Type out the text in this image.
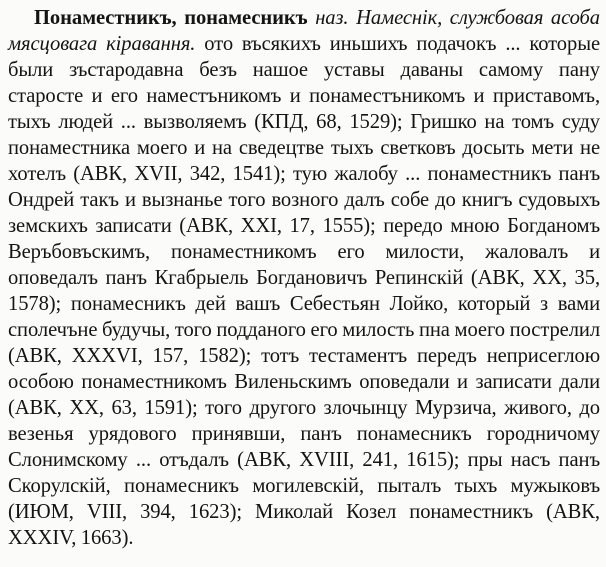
Понаместникъ, понамесникъ наз. Намеснік, службовая асоба мясцовага кіравання. ото въсякихъ иньшихъ подачокъ ... которые были зъстародавна безъ нашое уставы даваны самому пану старосте и его наместъникомъ и понаместъникомъ и приставомъ, тыхъ людей ... вызволяемъ (КПД, 68, 1529); Гришко на томъ суду понаместника моего и на сведецтве тыхъ светковъ досыть мети не хотелъ (АВК, XVII, 342, 1541); тую жалобу ... понаместникъ панъ Ондрей такъ и вызнанье того возного далъ собе до книгъ судовыхъ земскихъ записати (АВК, XXI, 17, 1555); передо мною Богданомъ Веръбовъскимъ, понаместникомъ его милости, жаловалъ и оповедалъ панъ Кгабрыель Богдановичъ Репинскій (АВК, XX, 35, 1578); понамесникъ дей вашъ Себестьян Лойко, который з вами сполечъне будучы, того подданого его милость пна моего пострелил (АВК, XXXVI, 157, 1582); тотъ тестаментъ передъ неприсеглою особою понаместникомъ Виленьскимъ оповедали и записати дали (АВК, XX, 63, 1591); того другого злочынцу Мурзича, живого, до везенья урядового принявши, панъ понамесникъ городничому Слонимскому ... отъдалъ (АВК, XVIII, 241, 1615); пры насъ панъ Скорулскій, понамесникъ могилевскій, пыталъ тыхъ мужыковъ (ИЮМ, VIII, 394, 1623); Миколай Козел понаместникъ (АВК, XXXIV, 1663).
